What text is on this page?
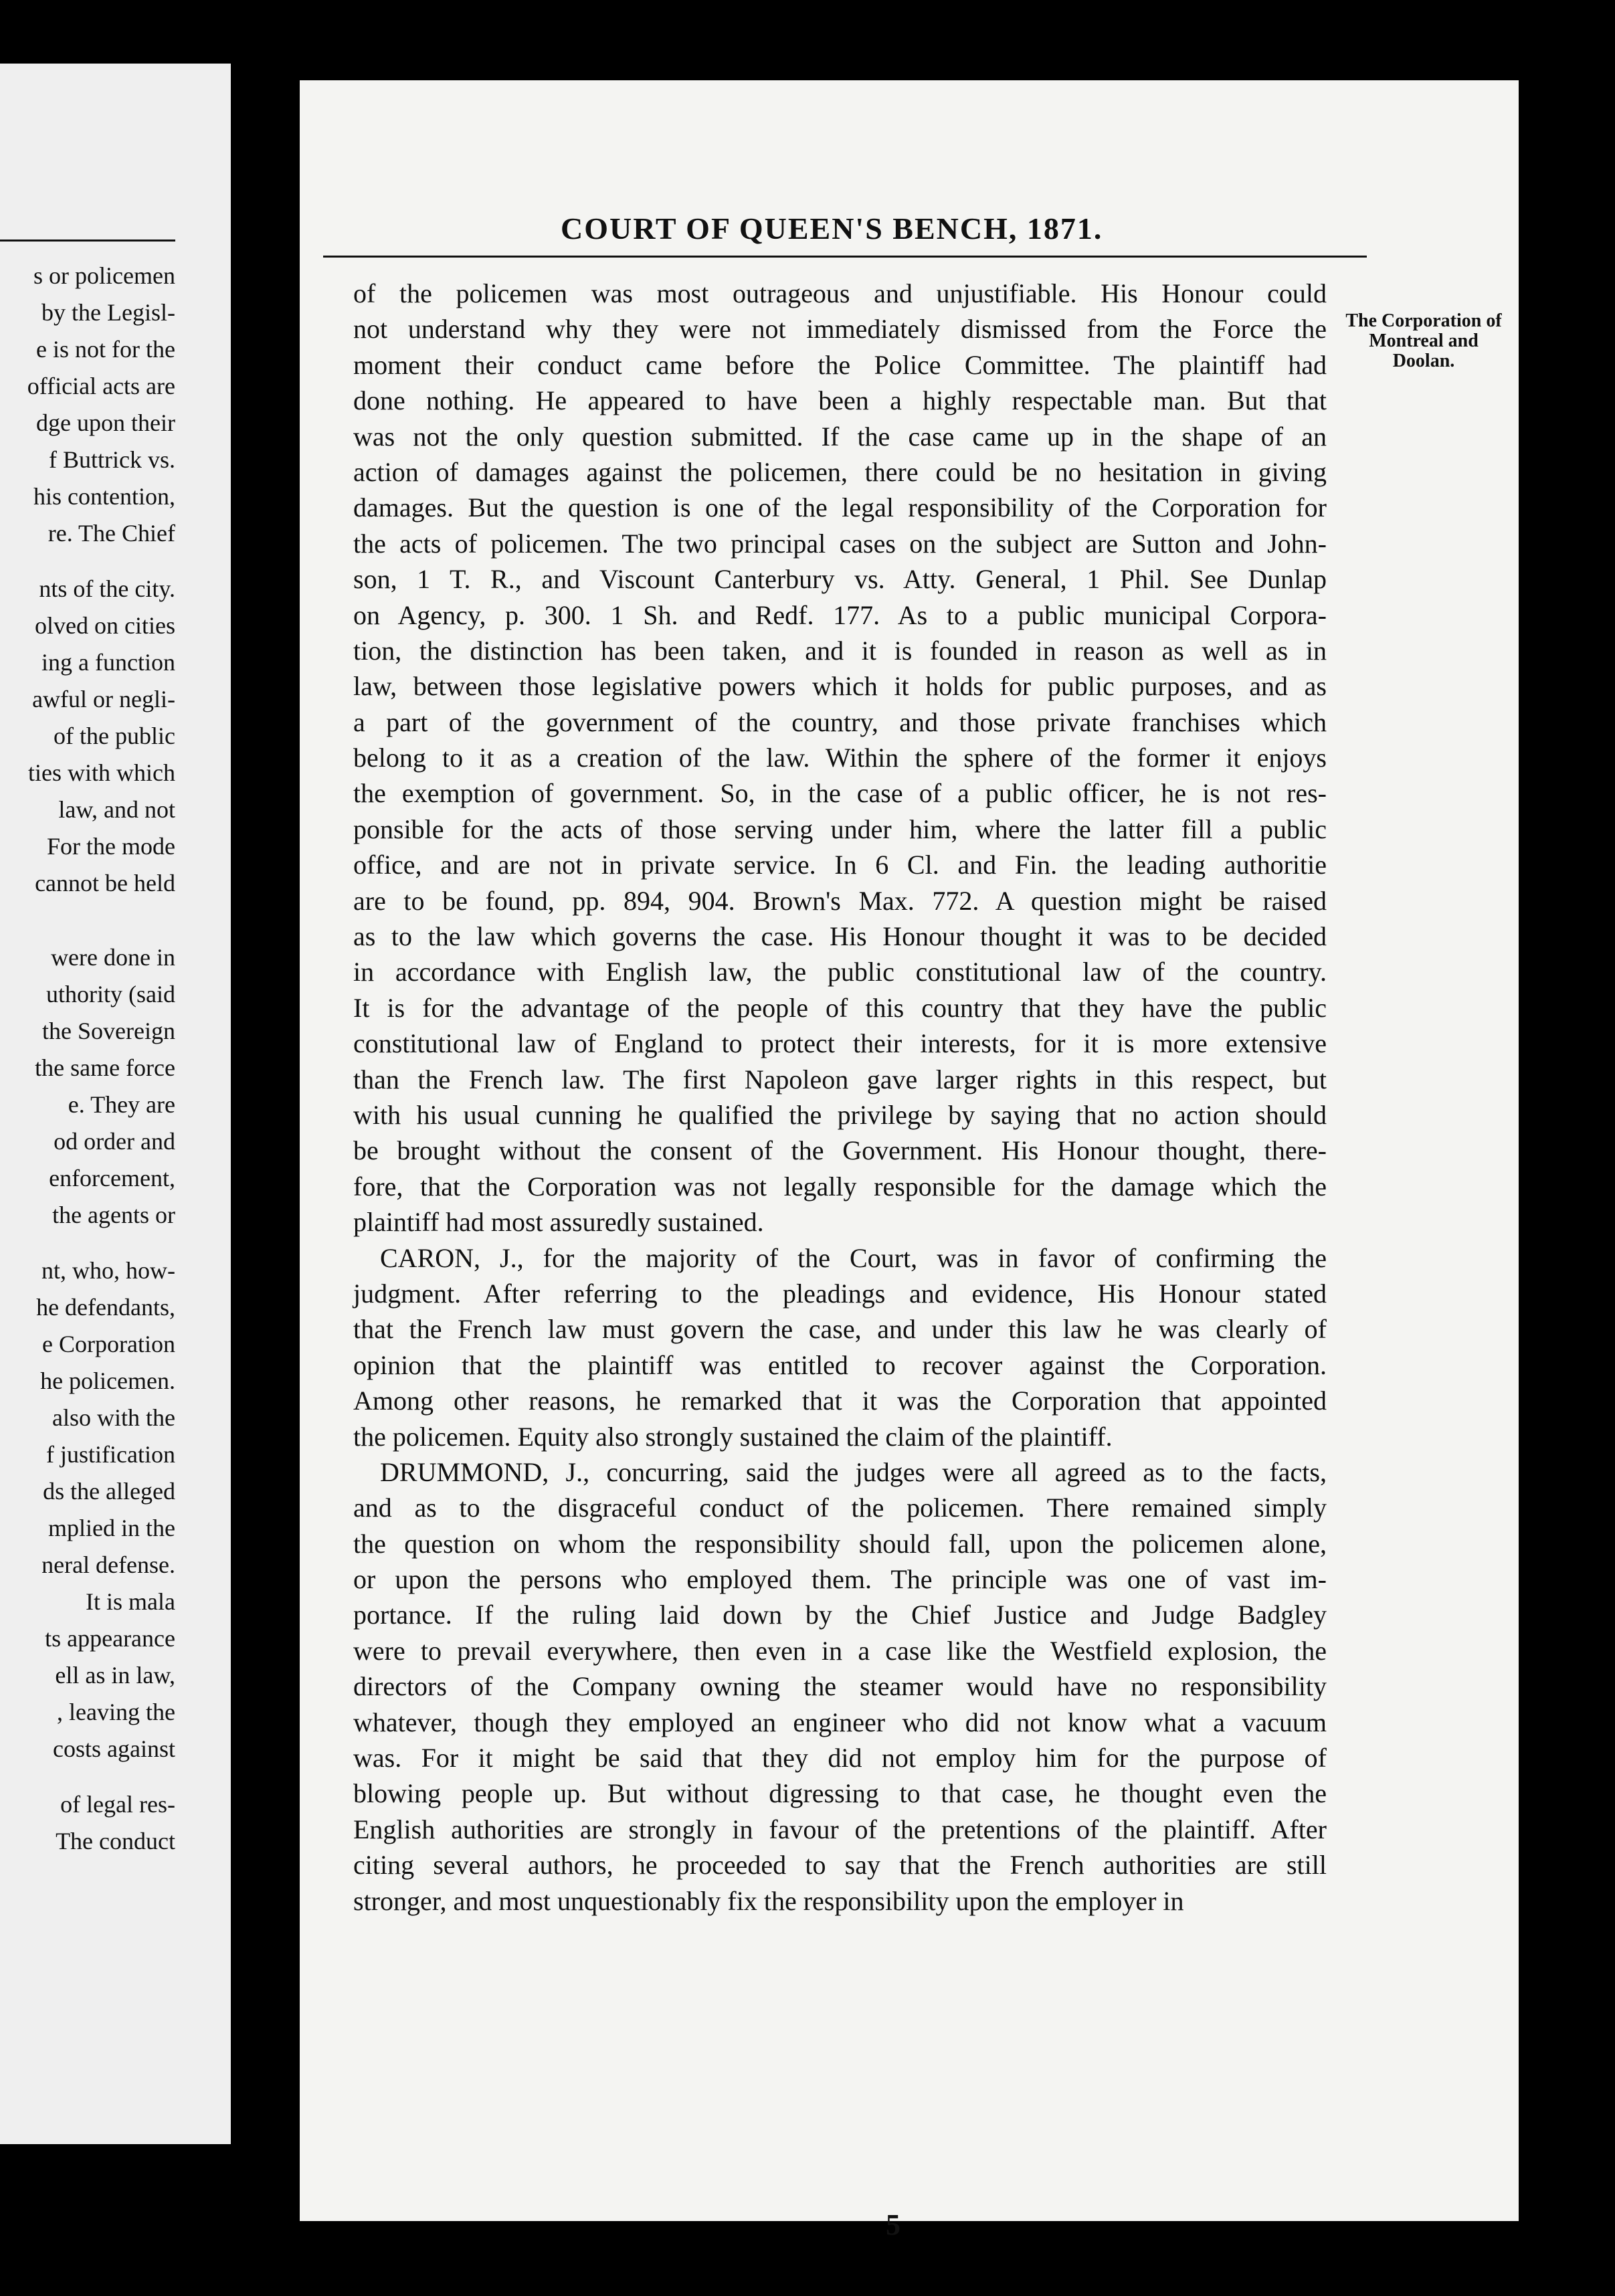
s or policemen
by the Legisl-
e is not for the
official acts are
dge upon their
f Buttrick vs.
his contention,
re. The Chief
nts of the city.
olved on cities
ing a function
awful or negli-
of the public
ties with which
law, and not
For the mode
cannot be held
were done in
uthority (said
the Sovereign
the same force
e. They are
od order and
enforcement,
the agents or
nt, who, how-
he defendants,
e Corporation
he policemen.
also with the
f justification
ds the alleged
mplied in the
neral defense.
It is mala
ts appearance
ell as in law,
, leaving the
costs against
of legal res-
The conduct
COURT OF QUEEN'S BENCH, 1871.
The Corporation of Montreal and Doolan.
of the policemen was most outrageous and unjustifiable. His Honour could
not understand why they were not immediately dismissed from the Force the
moment their conduct came before the Police Committee. The plaintiff had
done nothing. He appeared to have been a highly respectable man. But that
was not the only question submitted. If the case came up in the shape of an
action of damages against the policemen, there could be no hesitation in giving
damages. But the question is one of the legal responsibility of the Corporation for
the acts of policemen. The two principal cases on the subject are Sutton and John-
son, 1 T. R., and Viscount Canterbury vs. Atty. General, 1 Phil. See Dunlap
on Agency, p. 300. 1 Sh. and Redf. 177. As to a public municipal Corpora-
tion, the distinction has been taken, and it is founded in reason as well as in
law, between those legislative powers which it holds for public purposes, and as
a part of the government of the country, and those private franchises which
belong to it as a creation of the law. Within the sphere of the former it enjoys
the exemption of government. So, in the case of a public officer, he is not res-
ponsible for the acts of those serving under him, where the latter fill a public
office, and are not in private service. In 6 Cl. and Fin. the leading authoritie
are to be found, pp. 894, 904. Brown's Max. 772. A question might be raised
as to the law which governs the case. His Honour thought it was to be decided
in accordance with English law, the public constitutional law of the country.
It is for the advantage of the people of this country that they have the public
constitutional law of England to protect their interests, for it is more extensive
than the French law. The first Napoleon gave larger rights in this respect, but
with his usual cunning he qualified the privilege by saying that no action should
be brought without the consent of the Government. His Honour thought, there-
fore, that the Corporation was not legally responsible for the damage which the
plaintiff had most assuredly sustained.
CARON, J., for the majority of the Court, was in favor of confirming the
judgment. After referring to the pleadings and evidence, His Honour stated
that the French law must govern the case, and under this law he was clearly of
opinion that the plaintiff was entitled to recover against the Corporation.
Among other reasons, he remarked that it was the Corporation that appointed
the policemen. Equity also strongly sustained the claim of the plaintiff.
DRUMMOND, J., concurring, said the judges were all agreed as to the facts,
and as to the disgraceful conduct of the policemen. There remained simply
the question on whom the responsibility should fall, upon the policemen alone,
or upon the persons who employed them. The principle was one of vast im-
portance. If the ruling laid down by the Chief Justice and Judge Badgley
were to prevail everywhere, then even in a case like the Westfield explosion, the
directors of the Company owning the steamer would have no responsibility
whatever, though they employed an engineer who did not know what a vacuum
was. For it might be said that they did not employ him for the purpose of
blowing people up. But without digressing to that case, he thought even the
English authorities are strongly in favour of the pretentions of the plaintiff. After
citing several authors, he proceeded to say that the French authorities are still
stronger, and most unquestionably fix the responsibility upon the employer in
5
